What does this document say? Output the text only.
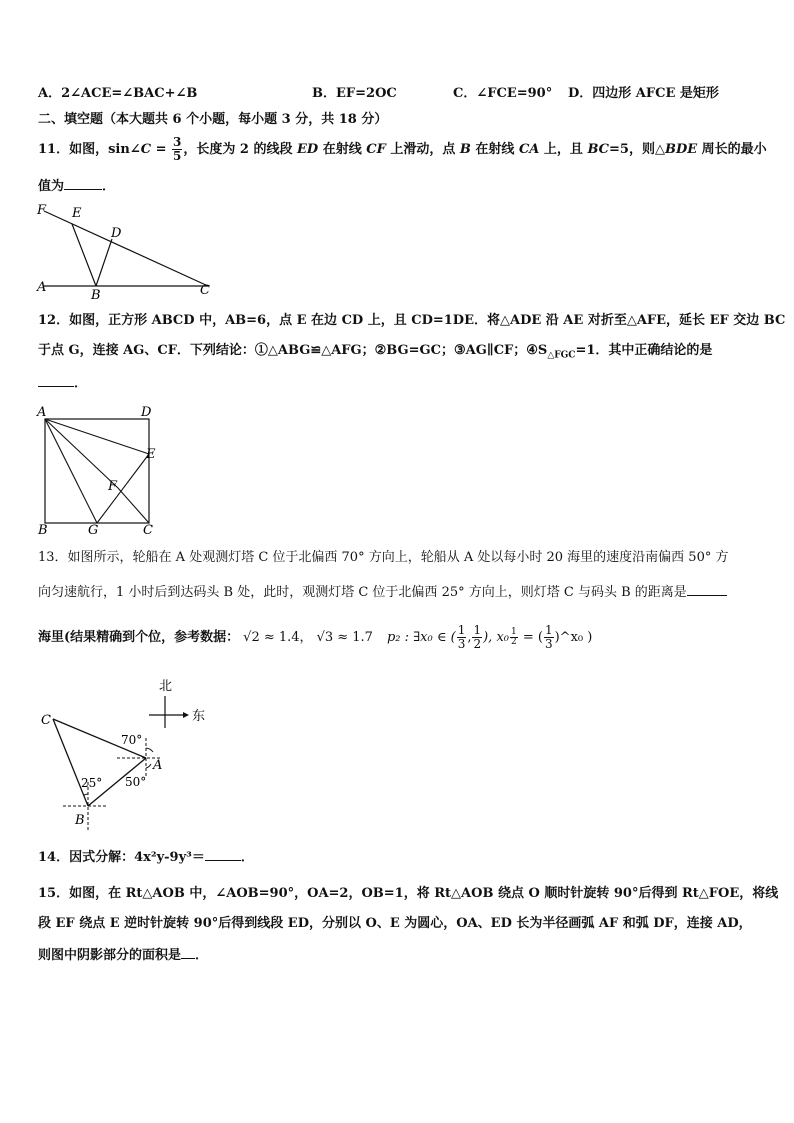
A．2∠ACE=∠BAC+∠B	B．EF=2OC	C．∠FCE=90° D．四边形 AFCE 是矩形
二、填空题（本大题共 6 个小题，每小题 3 分，共 18 分）
11．如图，sin∠C = $\frac{3}{5}$ ，长度为 2 的线段 ED 在射线 CF 上滑动，点 B 在射线 CA 上，且 BC=5，则△BDE 周长的最小
值为	．
F E
D
A
B	C
12．如图，正方形 ABCD 中，AB=6，点 E 在边 CD 上，且 CD=1DE．将△ADE 沿 AE 对折至△AFE，延长 EF 交边 BC
于点 G，连接 AG、CF．下列结论：①△ABG≌△AFG；②BG=GC；③AG∥CF；$④S_{\triangle FGC}=1$．其中正确结论的是
．
A	D
E
F
B	G	C
13．如图所示，轮船在 A 处观测灯塔 C 位于北偏西 70° 方向上，轮船从 A 处以每小时 20 海里的速度沿南偏西 50° 方
向匀速航行，1 小时后到达码头 B 处，此时，观测灯塔 C 位于北偏西 25° 方向上，则灯塔 C 与码头 B 的距离是
海里(结果精确到个位，参考数据： √2 ≈ 1.4， √3 ≈ 1.7 p₂ : ∃x₀ ∈ ( $\frac{1}{3}$ , $\frac{1}{2}$ ), $x_0 \frac{1}{2}$ = ( $\frac{1}{3}$ )^x₀ )
北
东
C
A
B
70°
50°
25°
14．因式分解：4x²y-9y³＝	．
15．如图，在 Rt△AOB 中，∠AOB=90°，OA=2，OB=1，将 Rt△AOB 绕点 O 顺时针旋转 90°后得到 Rt△FOE，将线
段 EF 绕点 E 逆时针旋转 90°后得到线段 ED，分别以 O、E 为圆心，OA、ED 长为半径画弧 AF 和弧 DF，连接 AD，
则图中阴影部分的面积是 ．
